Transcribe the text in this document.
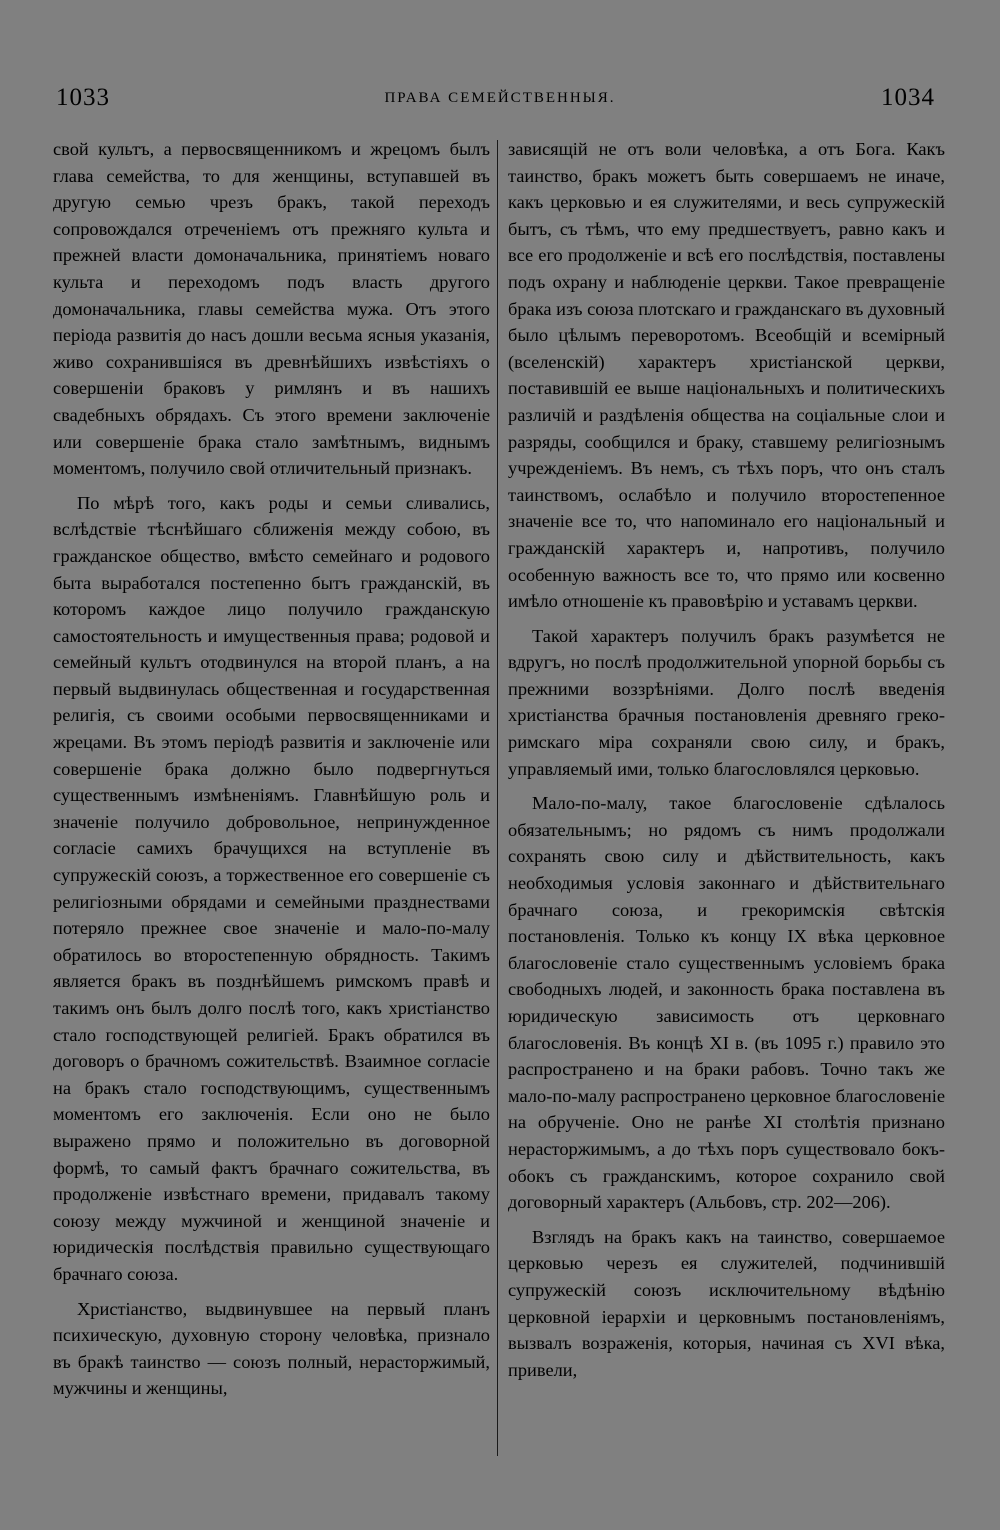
1033	ПРАВА СЕМЕЙСТВЕННЫЯ.	1034

свой культъ, а первосвященникомъ и жрецомъ былъ глава семейства, то для женщины, вступавшей въ другую семью чрезъ бракъ, такой переходъ сопровождался отреченіемъ отъ прежняго культа и прежней власти домоначальника, принятіемъ новаго культа и переходомъ подъ власть другого домоначальника, главы семейства мужа. Отъ этого періода развитія до насъ дошли весьма ясныя указанія, живо сохранившіяся въ древнѣйшихъ извѣстіяхъ о совершеніи браковъ у римлянъ и въ нашихъ свадебныхъ обрядахъ. Съ этого времени заключеніе или совершеніе брака стало замѣтнымъ, виднымъ моментомъ, получило свой отличительный признакъ.

По мѣрѣ того, какъ роды и семьи сливались, вслѣдствіе тѣснѣйшаго сближенія между собою, въ гражданское общество, вмѣсто семейнаго и родового быта выработался постепенно бытъ гражданскій, въ которомъ каждое лицо получило гражданскую самостоятельность и имущественныя права; родовой и семейный культъ отодвинулся на второй планъ, а на первый выдвинулась общественная и государственная религія, съ своими особыми первосвященниками и жрецами. Въ этомъ періодѣ развитія и заключеніе или совершеніе брака должно было подвергнуться существеннымъ измѣненіямъ. Главнѣйшую роль и значеніе получило добровольное, непринужденное согласіе самихъ брачущихся на вступленіе въ супружескій союзъ, а торжественное его совершеніе съ религіозными обрядами и семейными празднествами потеряло прежнее свое значеніе и мало-по-малу обратилось во второстепенную обрядность. Такимъ является бракъ въ позднѣйшемъ римскомъ правѣ и такимъ онъ былъ долго послѣ того, какъ христіанство стало господствующей религіей. Бракъ обратился въ договоръ о брачномъ сожительствѣ. Взаимное согласіе на бракъ стало господствующимъ, существеннымъ моментомъ его заключенія. Если оно не было выражено прямо и положительно въ договорной формѣ, то самый фактъ брачнаго сожительства, въ продолженіе извѣстнаго времени, придавалъ такому союзу между мужчиной и женщиной значеніе и юридическія послѣдствія правильно существующаго брачнаго союза.

Христіанство, выдвинувшее на первый планъ психическую, духовную сторону человѣка, признало въ бракѣ таинство — союзъ полный, нерасторжимый, мужчины и женщины,

зависящій не отъ воли человѣка, а отъ Бога. Какъ таинство, бракъ можетъ быть совершаемъ не иначе, какъ церковью и ея служителями, и весь супружескій бытъ, съ тѣмъ, что ему предшествуетъ, равно какъ и все его продолженіе и всѣ его послѣдствія, поставлены подъ охрану и наблюденіе церкви. Такое превращеніе брака изъ союза плотскаго и гражданскаго въ духовный было цѣлымъ переворотомъ. Всеобщій и всемірный (вселенскій) характеръ христіанской церкви, поставившій ее выше національныхъ и политическихъ различій и раздѣленія общества на соціальные слои и разряды, сообщился и браку, ставшему религіознымъ учрежденіемъ. Въ немъ, съ тѣхъ поръ, что онъ сталъ таинствомъ, ослабѣло и получило второстепенное значеніе все то, что напоминало его національный и гражданскій характеръ и, напротивъ, получило особенную важность все то, что прямо или косвенно имѣло отношеніе къ правовѣрію и уставамъ церкви.

Такой характеръ получилъ бракъ разумѣется не вдругъ, но послѣ продолжительной упорной борьбы съ прежними воззрѣніями. Долго послѣ введенія христіанства брачныя постановленія древняго греко-римскаго міра сохраняли свою силу, и бракъ, управляемый ими, только благословлялся церковью.

Мало-по-малу, такое благословеніе сдѣлалось обязательнымъ; но рядомъ съ нимъ продолжали сохранять свою силу и дѣйствительность, какъ необходимыя условія законнаго и дѣйствительнаго брачнаго союза, и грекоримскія свѣтскія постановленія. Только къ концу IX вѣка церковное благословеніе стало существеннымъ условіемъ брака свободныхъ людей, и законность брака поставлена въ юридическую зависимость отъ церковнаго благословенія. Въ концѣ XI в. (въ 1095 г.) правило это распространено и на браки рабовъ. Точно такъ же мало-по-малу распространено церковное благословеніе на обрученіе. Оно не ранѣе XI столѣтія признано нерасторжимымъ, а до тѣхъ поръ существовало бокъ-обокъ съ гражданскимъ, которое сохранило свой договорный характеръ (Альбовъ, стр. 202—206).

Взглядъ на бракъ какъ на таинство, совершаемое церковью черезъ ея служителей, подчинившій супружескій союзъ исключительному вѣдѣнію церковной іерархіи и церковнымъ постановленіямъ, вызвалъ возраженія, которыя, начиная съ XVI вѣка, привели,
